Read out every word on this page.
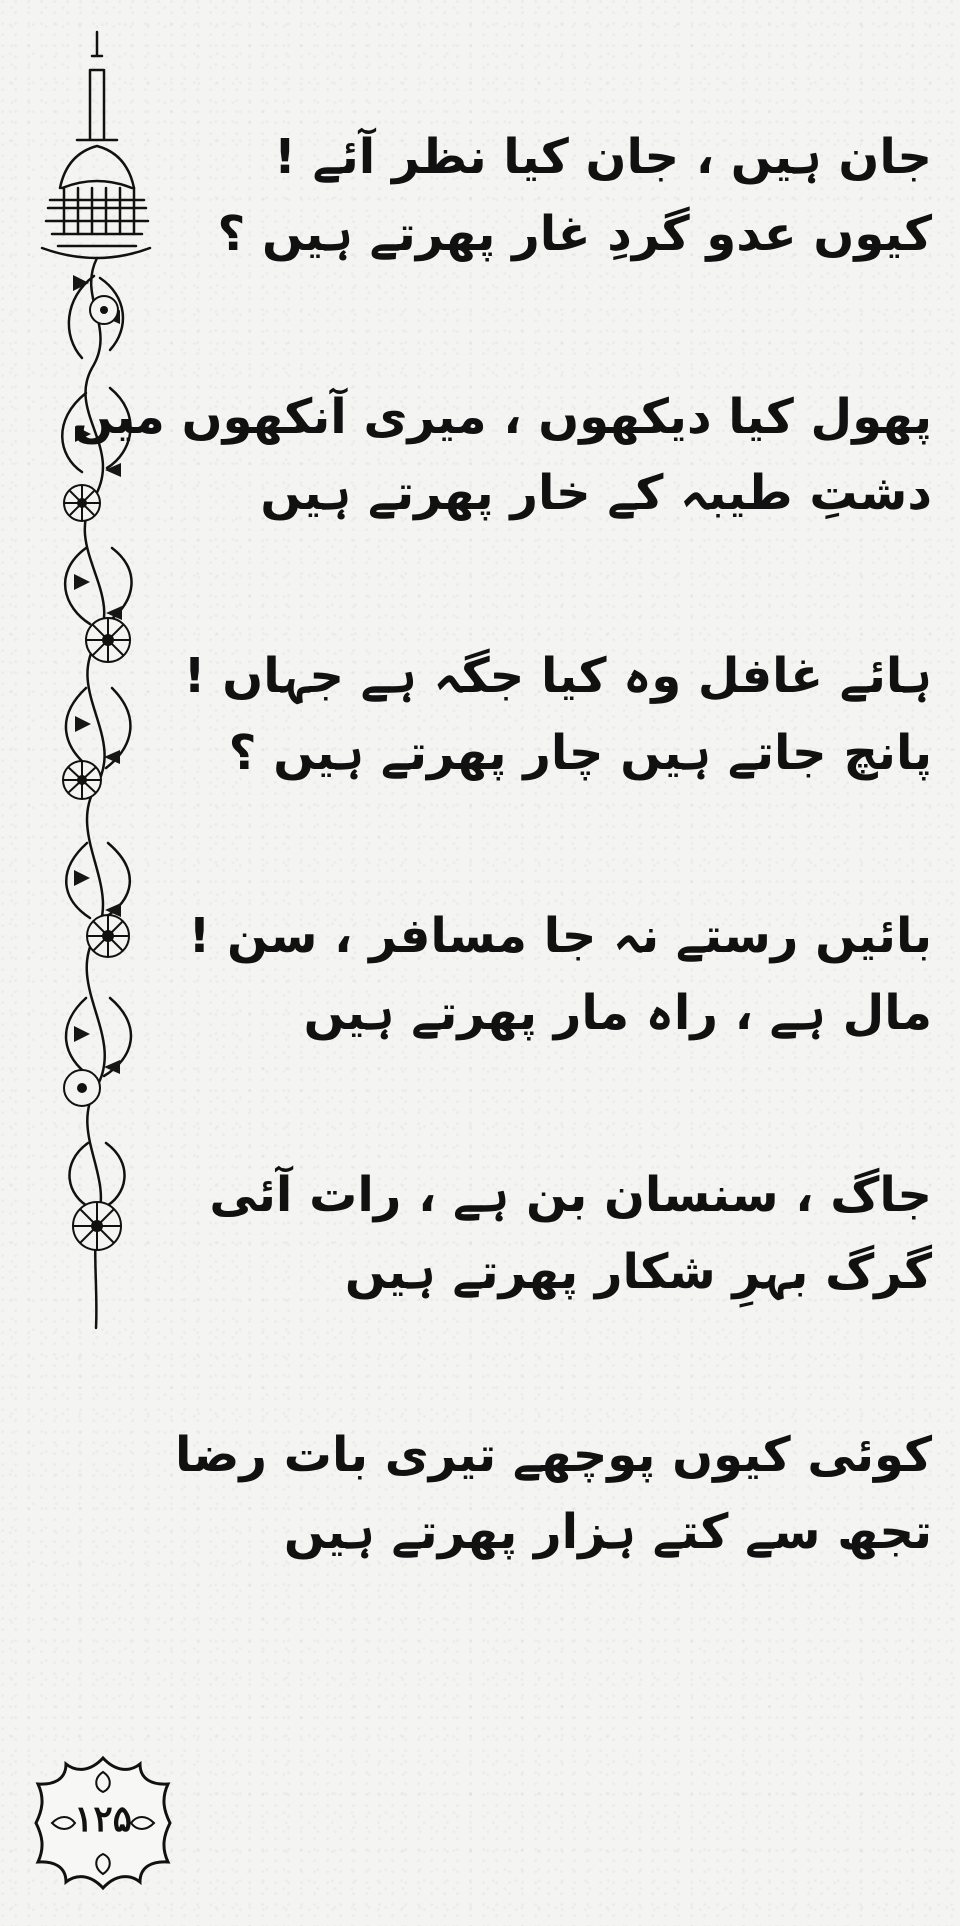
۱۲۵
جان ہیں ، جان کیا نظر آئے !
کیوں عدو گردِ غار پھرتے ہیں ؟
پھول کیا دیکھوں ، میری آنکھوں میں
دشتِ طیبہ کے خار پھرتے ہیں
ہائے غافل وہ کیا جگہ ہے جہاں !
پانچ جاتے ہیں چار پھرتے ہیں ؟
بائیں رستے نہ جا مسافر ، سن !
مال ہے ، راہ مار پھرتے ہیں
جاگ ، سنسان بن ہے ، رات آئی
گرگ بہرِ شکار پھرتے ہیں
کوئی کیوں پوچھے تیری بات رضا
تجھ سے کتے ہزار پھرتے ہیں
